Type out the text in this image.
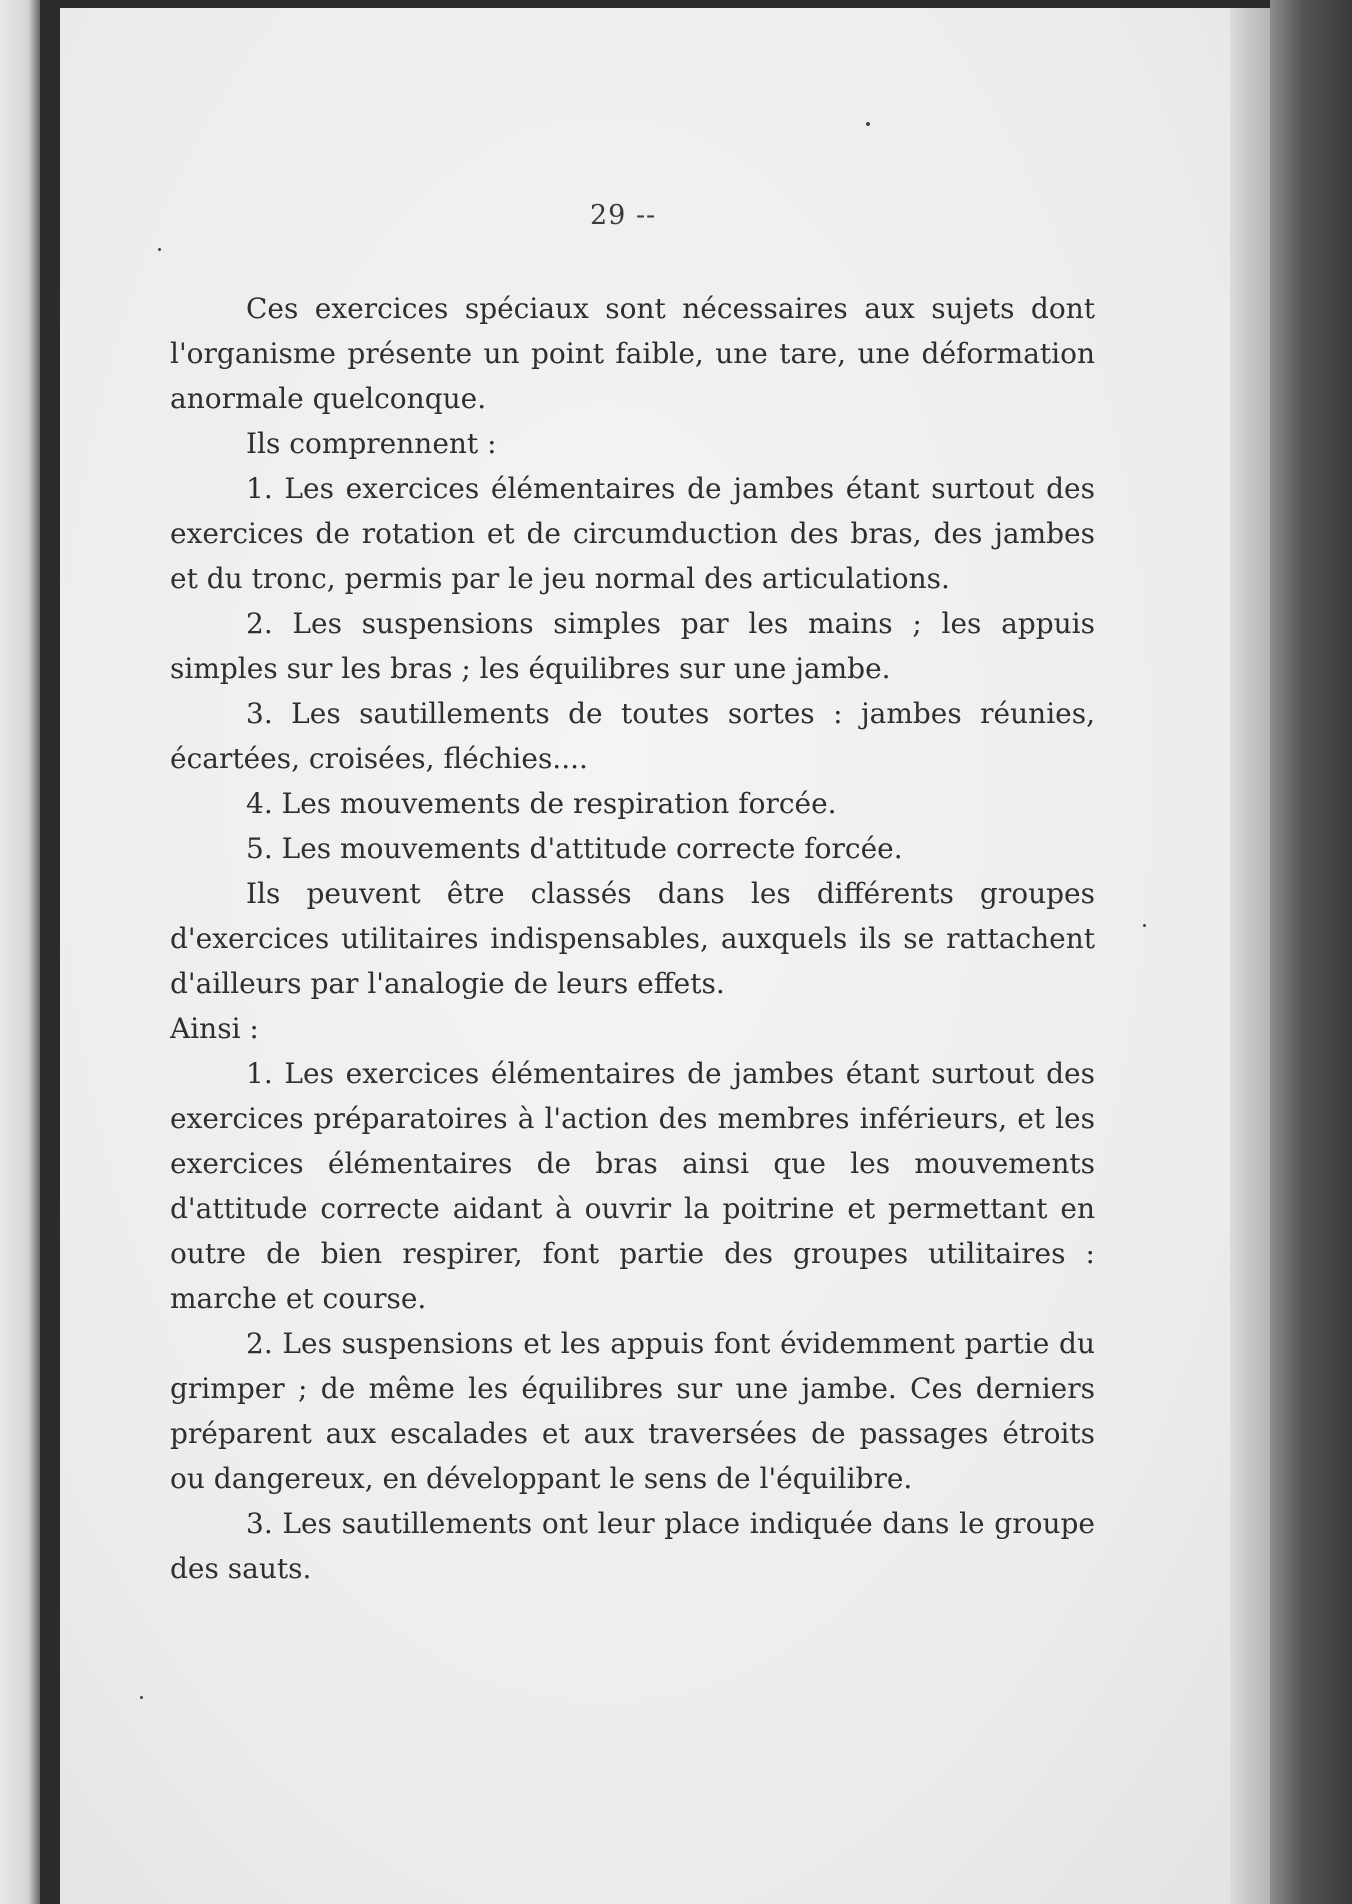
29 --

Ces exercices spéciaux sont nécessaires aux sujets dont l'organisme présente un point faible, une tare, une déformation anormale quelconque.

Ils comprennent :

1. Les exercices élémentaires de jambes étant surtout des exercices de rotation et de circumduction des bras, des jambes et du tronc, permis par le jeu normal des articulations.

2. Les suspensions simples par les mains ; les appuis simples sur les bras ; les équilibres sur une jambe.

3. Les sautillements de toutes sortes : jambes réunies, écartées, croisées, fléchies....

4. Les mouvements de respiration forcée.

5. Les mouvements d'attitude correcte forcée.

Ils peuvent être classés dans les différents groupes d'exercices utilitaires indispensables, auxquels ils se rattachent d'ailleurs par l'analogie de leurs effets.

Ainsi :

1. Les exercices élémentaires de jambes étant surtout des exercices préparatoires à l'action des membres inférieurs, et les exercices élémentaires de bras ainsi que les mouvements d'attitude correcte aidant à ouvrir la poitrine et permettant en outre de bien respirer, font partie des groupes utilitaires : marche et course.

2. Les suspensions et les appuis font évidemment partie du grimper ; de même les équilibres sur une jambe. Ces derniers préparent aux escalades et aux traversées de passages étroits ou dangereux, en développant le sens de l'équilibre.

3. Les sautillements ont leur place indiquée dans le groupe des sauts.
